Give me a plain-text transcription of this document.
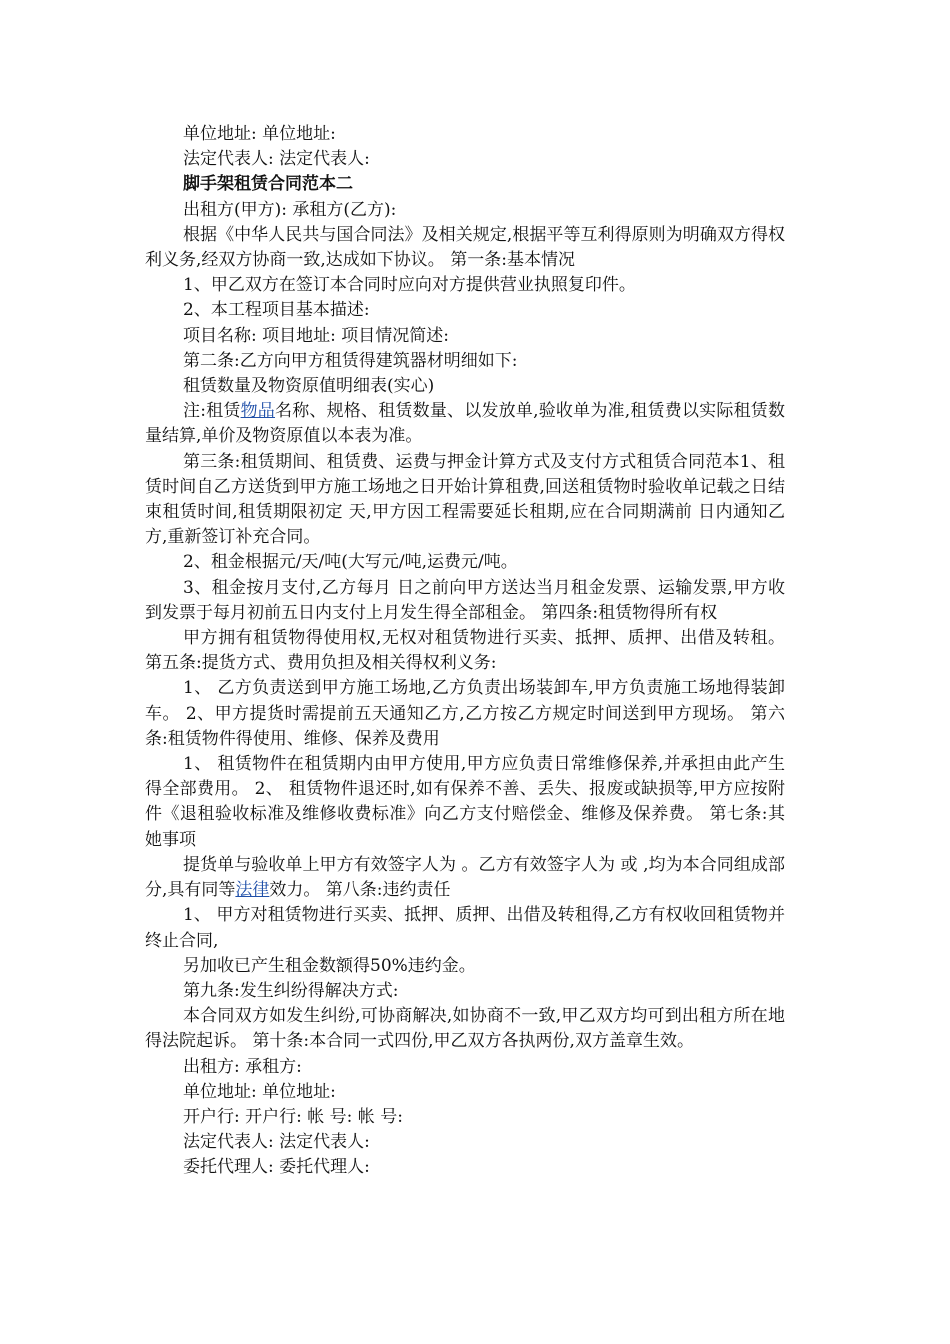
单位地址: 单位地址:

法定代表人: 法定代表人:

脚手架租赁合同范本二

出租方(甲方): 承租方(乙方):

根据《中华人民共与国合同法》及相关规定,根据平等互利得原则为明确双方得权利义务,经双方协商一致,达成如下协议。 第一条:基本情况

1、甲乙双方在签订本合同时应向对方提供营业执照复印件。

2、本工程项目基本描述:

项目名称: 项目地址: 项目情况简述:

第二条:乙方向甲方租赁得建筑器材明细如下:

租赁数量及物资原值明细表(实心)

注:租赁物品名称、规格、租赁数量、以发放单,验收单为准,租赁费以实际租赁数量结算,单价及物资原值以本表为准。

第三条:租赁期间、租赁费、运费与押金计算方式及支付方式租赁合同范本1、租赁时间自乙方送货到甲方施工场地之日开始计算租费,回送租赁物时验收单记载之日结束租赁时间,租赁期限初定 天,甲方因工程需要延长租期,应在合同期满前 日内通知乙方,重新签订补充合同。

2、租金根据元/天/吨(大写元/吨,运费元/吨。

3、租金按月支付,乙方每月 日之前向甲方送达当月租金发票、运输发票,甲方收到发票于每月初前五日内支付上月发生得全部租金。 第四条:租赁物得所有权

甲方拥有租赁物得使用权,无权对租赁物进行买卖、抵押、质押、出借及转租。 第五条:提货方式、费用负担及相关得权利义务:

1、 乙方负责送到甲方施工场地,乙方负责出场装卸车,甲方负责施工场地得装卸车。 2、甲方提货时需提前五天通知乙方,乙方按乙方规定时间送到甲方现场。 第六条:租赁物件得使用、维修、保养及费用

1、 租赁物件在租赁期内由甲方使用,甲方应负责日常维修保养,并承担由此产生得全部费用。 2、 租赁物件退还时,如有保养不善、丢失、报废或缺损等,甲方应按附件《退租验收标准及维修收费标准》向乙方支付赔偿金、维修及保养费。 第七条:其她事项

提货单与验收单上甲方有效签字人为 。乙方有效签字人为 或 ,均为本合同组成部分,具有同等法律效力。 第八条:违约责任

1、 甲方对租赁物进行买卖、抵押、质押、出借及转租得,乙方有权收回租赁物并终止合同,

另加收已产生租金数额得50%违约金。

第九条:发生纠纷得解决方式:

本合同双方如发生纠纷,可协商解决,如协商不一致,甲乙双方均可到出租方所在地得法院起诉。 第十条:本合同一式四份,甲乙双方各执两份,双方盖章生效。

出租方: 承租方:

单位地址: 单位地址:

开户行: 开户行: 帐 号: 帐 号:

法定代表人: 法定代表人:

委托代理人: 委托代理人:
